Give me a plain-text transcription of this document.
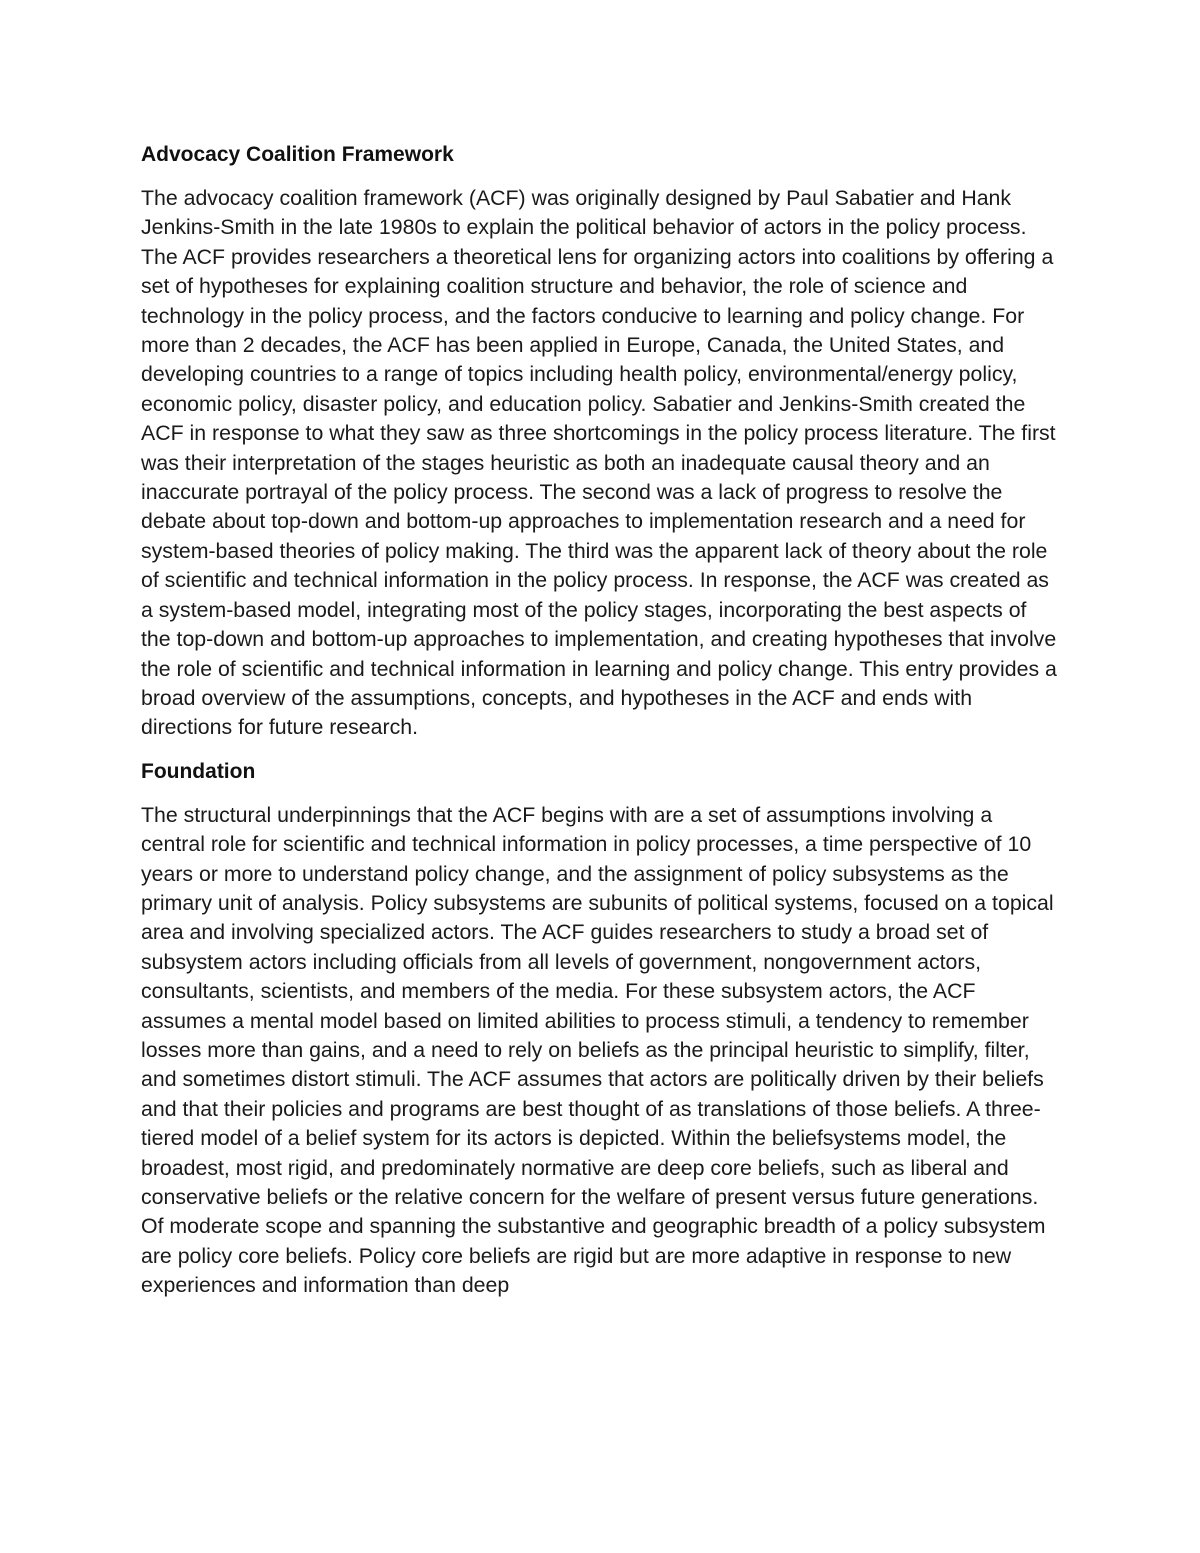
Advocacy Coalition Framework

The advocacy coalition framework (ACF) was originally designed by Paul Sabatier and Hank Jenkins-Smith in the late 1980s to explain the political behavior of actors in the policy process. The ACF provides researchers a theoretical lens for organizing actors into coalitions by offering a set of hypotheses for explaining coalition structure and behavior, the role of science and technology in the policy process, and the factors conducive to learning and policy change. For more than 2 decades, the ACF has been applied in Europe, Canada, the United States, and developing countries to a range of topics including health policy, environmental/energy policy, economic policy, disaster policy, and education policy. Sabatier and Jenkins-Smith created the ACF in response to what they saw as three shortcomings in the policy process literature. The first was their interpretation of the stages heuristic as both an inadequate causal theory and an inaccurate portrayal of the policy process. The second was a lack of progress to resolve the debate about top-down and bottom-up approaches to implementation research and a need for system-based theories of policy making. The third was the apparent lack of theory about the role of scientific and technical information in the policy process. In response, the ACF was created as a system-based model, integrating most of the policy stages, incorporating the best aspects of the top-down and bottom-up approaches to implementation, and creating hypotheses that involve the role of scientific and technical information in learning and policy change. This entry provides a broad overview of the assumptions, concepts, and hypotheses in the ACF and ends with directions for future research.

Foundation

The structural underpinnings that the ACF begins with are a set of assumptions involving a central role for scientific and technical information in policy processes, a time perspective of 10 years or more to understand policy change, and the assignment of policy subsystems as the primary unit of analysis. Policy subsystems are subunits of political systems, focused on a topical area and involving specialized actors. The ACF guides researchers to study a broad set of subsystem actors including officials from all levels of government, nongovernment actors, consultants, scientists, and members of the media. For these subsystem actors, the ACF assumes a mental model based on limited abilities to process stimuli, a tendency to remember losses more than gains, and a need to rely on beliefs as the principal heuristic to simplify, filter, and sometimes distort stimuli. The ACF assumes that actors are politically driven by their beliefs and that their policies and programs are best thought of as translations of those beliefs. A three-tiered model of a belief system for its actors is depicted. Within the beliefsystems model, the broadest, most rigid, and predominately normative are deep core beliefs, such as liberal and conservative beliefs or the relative concern for the welfare of present versus future generations. Of moderate scope and spanning the substantive and geographic breadth of a policy subsystem are policy core beliefs. Policy core beliefs are rigid but are more adaptive in response to new experiences and information than deep
